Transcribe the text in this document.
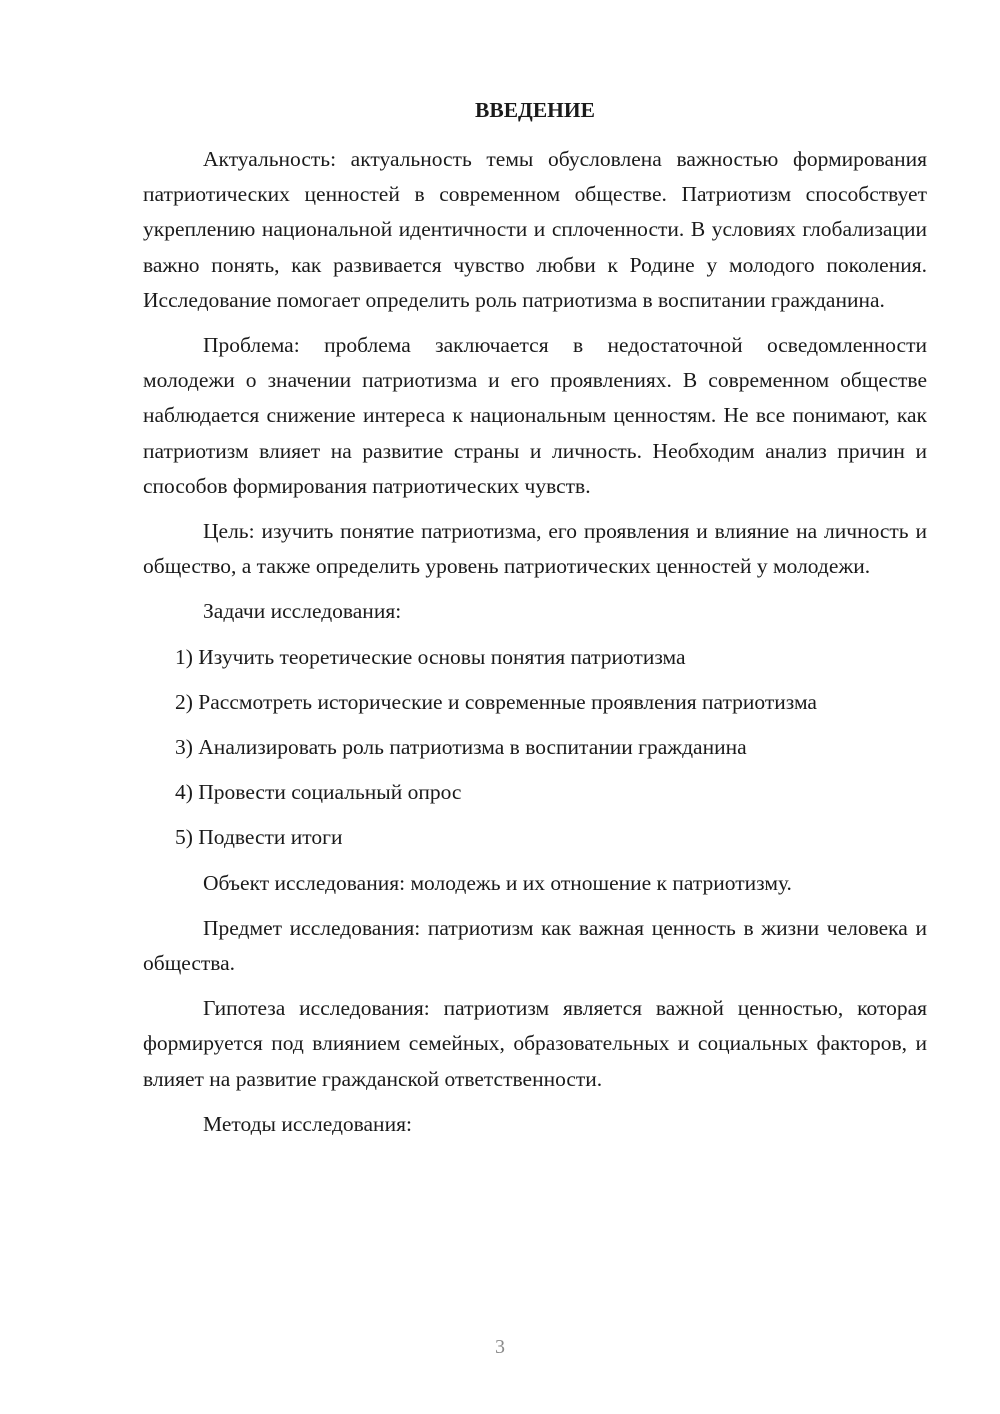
ВВЕДЕНИЕ

Актуальность: актуальность темы обусловлена важностью формирования патриотических ценностей в современном обществе. Патриотизм способствует укреплению национальной идентичности и сплоченности. В условиях глобализации важно понять, как развивается чувство любви к Родине у молодого поколения. Исследование помогает определить роль патриотизма в воспитании гражданина.

Проблема: проблема заключается в недостаточной осведомленности молодежи о значении патриотизма и его проявлениях. В современном обществе наблюдается снижение интереса к национальным ценностям. Не все понимают, как патриотизм влияет на развитие страны и личность. Необходим анализ причин и способов формирования патриотических чувств.

Цель: изучить понятие патриотизма, его проявления и влияние на личность и общество, а также определить уровень патриотических ценностей у молодежи.

Задачи исследования:

1) Изучить теоретические основы понятия патриотизма
2) Рассмотреть исторические и современные проявления патриотизма
3) Анализировать роль патриотизма в воспитании гражданина
4) Провести социальный опрос
5) Подвести итоги

Объект исследования: молодежь и их отношение к патриотизму.

Предмет исследования: патриотизм как важная ценность в жизни человека и общества.

Гипотеза исследования: патриотизм является важной ценностью, которая формируется под влиянием семейных, образовательных и социальных факторов, и влияет на развитие гражданской ответственности.

Методы исследования:

3
